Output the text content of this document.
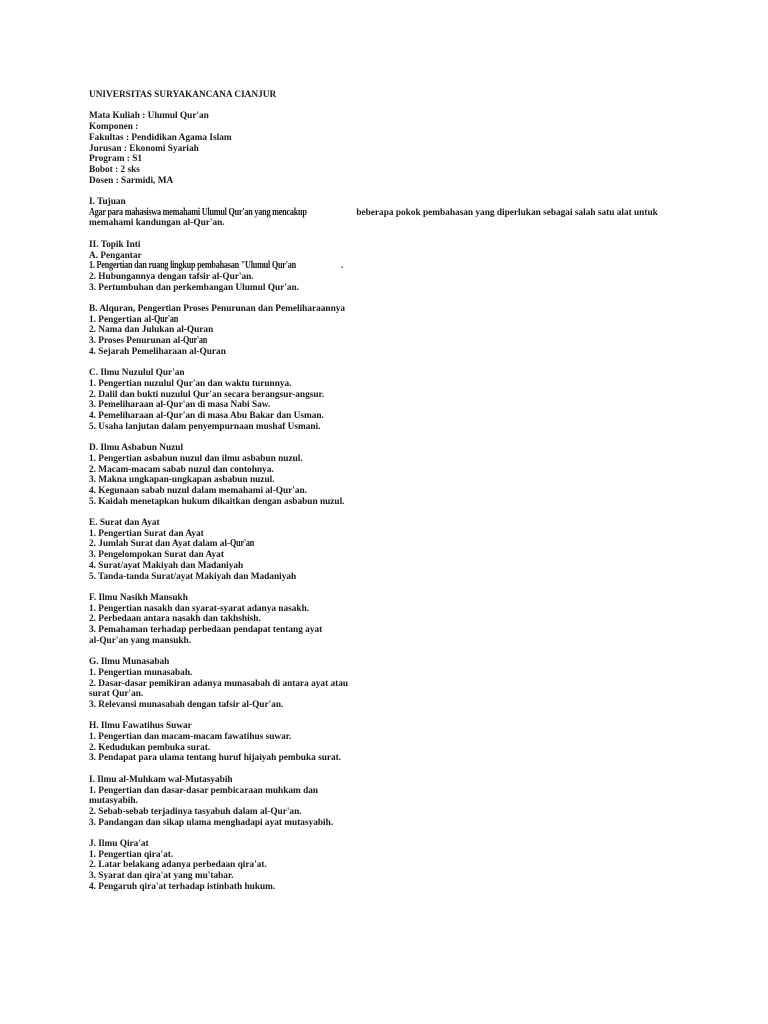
UNIVERSITAS SURYAKANCANA CIANJUR
Mata Kuliah : Ulumul Qur'an
Komponen :
Fakultas : Pendidikan Agama Islam
Jurusan : Ekonomi Syariah
Program : S1
Bobot : 2 sks
Dosen : Sarmidi, MA
I. Tujuan
Agar para mahasiswa memahami Ulumul Qur'an yang mencakup	beberapa pokok pembahasan yang diperlukan sebagai salah satu alat untuk
memahami kandungan al-Qur'an.
II. Topik Inti
A. Pengantar
1. Pengertian dan ruang lingkup pembahasan "Ulumul Qur'an	.
2. Hubungannya dengan tafsir al-Qur'an.
3. Pertumbuhan dan perkembangan Ulumul Qur'an.
B. Alquran, Pengertian Proses Penurunan dan Pemeliharaannya
1. Pengertian al-Qur'an
2. Nama dan Julukan al-Quran
3. Proses Penurunan al-Qur'an
4. Sejarah Pemeliharaan al-Quran
C. Ilmu Nuzulul Qur'an
1. Pengertian nuzulul Qur'an dan waktu turunnya.
2. Dalil dan bukti nuzulul Qur'an secara berangsur-angsur.
3. Pemeliharaan al-Qur'an di masa Nabi Saw.
4. Pemeliharaan al-Qur'an di masa Abu Bakar dan Usman.
5. Usaha lanjutan dalam penyempurnaan mushaf Usmani.
D. Ilmu Asbabun Nuzul
1. Pengertian asbabun nuzul dan ilmu asbabun nuzul.
2. Macam-macam sabab nuzul dan contohnya.
3. Makna ungkapan-ungkapan asbabun nuzul.
4. Kegunaan sabab nuzul dalam memahami al-Qur'an.
5. Kaidah menetapkan hukum dikaitkan dengan asbabun nuzul.
E. Surat dan Ayat
1. Pengertian Surat dan Ayat
2. Jumlah Surat dan Ayat dalam al-Qur'an
3. Pengelompokan Surat dan Ayat
4. Surat/ayat Makiyah dan Madaniyah
5. Tanda-tanda Surat/ayat Makiyah dan Madaniyah
F. Ilmu Nasikh Mansukh
1. Pengertian nasakh dan syarat-syarat adanya nasakh.
2. Perbedaan antara nasakh dan takhshish.
3. Pemahaman terhadap perbedaan pendapat tentang ayat
al-Qur'an yang mansukh.
G. Ilmu Munasabah
1. Pengertian munasabah.
2. Dasar-dasar pemikiran adanya munasabah di antara ayat atau
surat Qur'an.
3. Relevansi munasabah dengan tafsir al-Qur'an.
H. Ilmu Fawatihus Suwar
1. Pengertian dan macam-macam fawatihus suwar.
2. Kedudukan pembuka surat.
3. Pendapat para ulama tentang huruf hijaiyah pembuka surat.
I. Ilmu al-Muhkam wal-Mutasyabih
1. Pengertian dan dasar-dasar pembicaraan muhkam dan
mutasyabih.
2. Sebab-sebab terjadinya tasyabuh dalam al-Qur'an.
3. Pandangan dan sikap ulama menghadapi ayat mutasyabih.
J. Ilmu Qira'at
1. Pengertian qira'at.
2. Latar belakang adanya perbedaan qira'at.
3. Syarat dan qira'at yang mu'tabar.
4. Pengaruh qira'at terhadap istinbath hukum.
